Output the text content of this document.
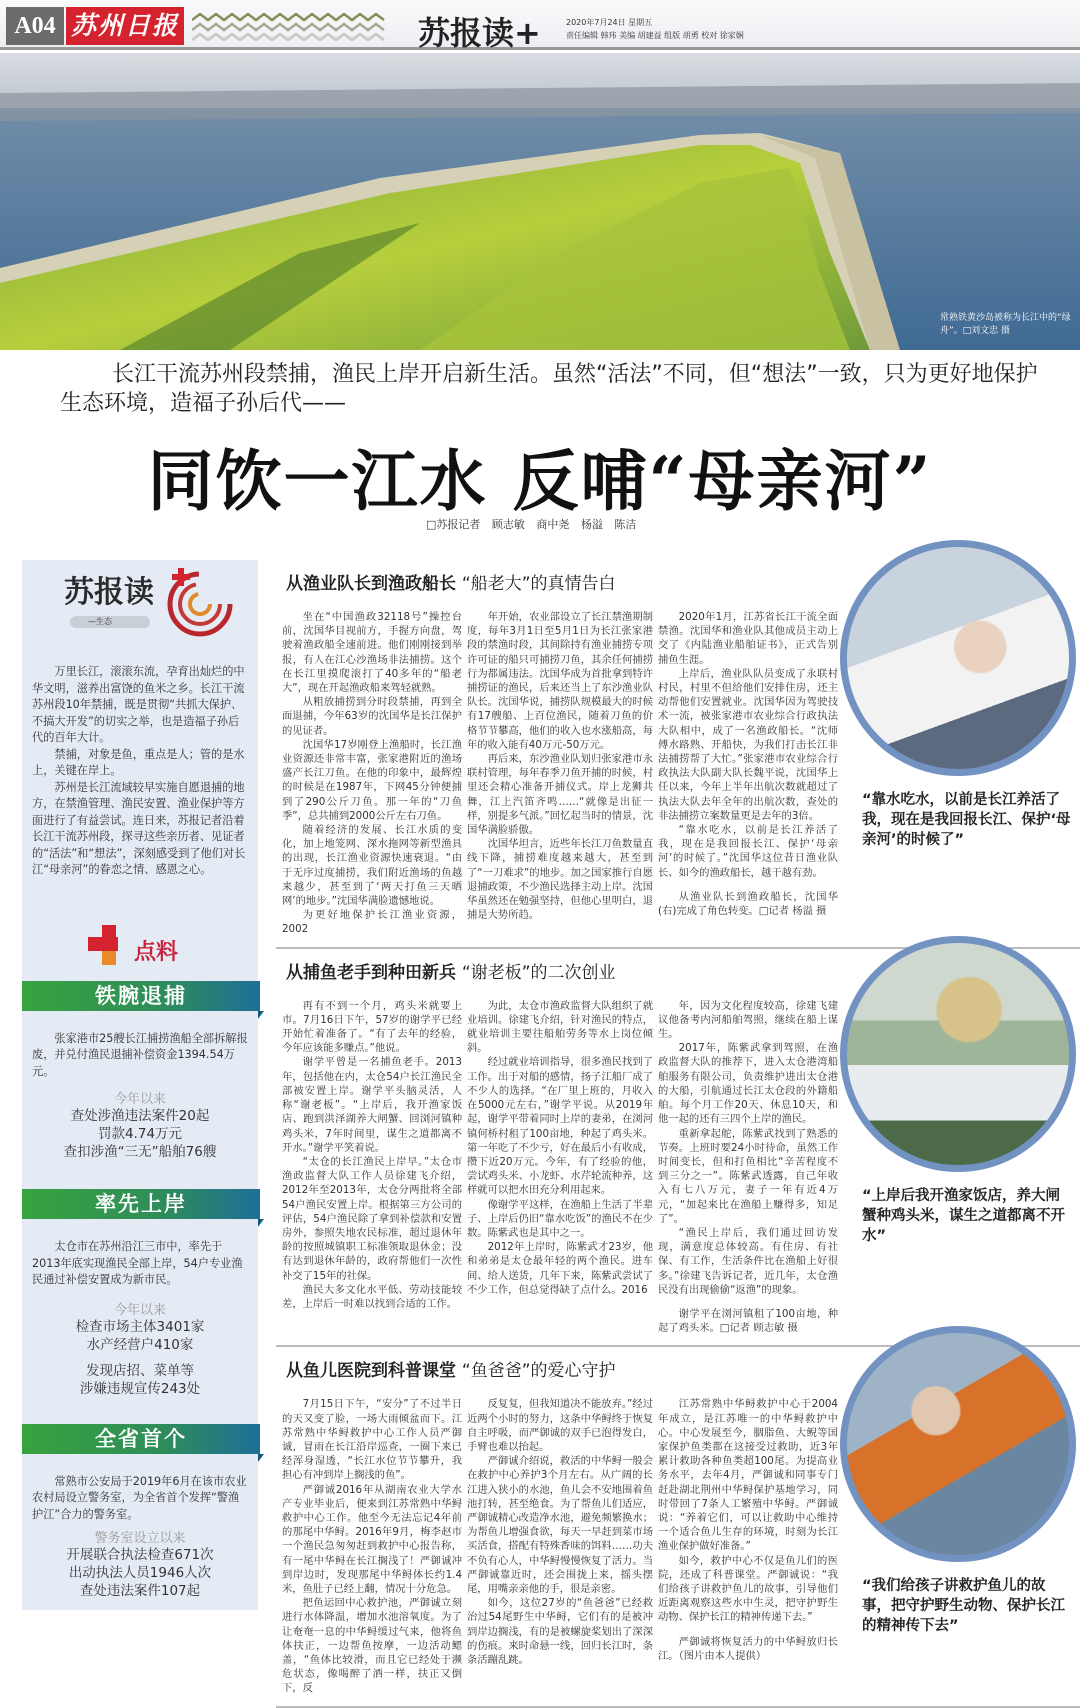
A04 苏州日报	苏报读+	2020年7月24日 星期五
责任编辑 韩玮 美编 胡建益 组版 胡勇 校对 徐家娴
常熟铁黄沙岛被称为长江中的“绿舟”。□刘文忠 摄
长江干流苏州段禁捕，渔民上岸开启新生活。虽然“活法”不同，但“想法”一致，只为更好地保护生态环境，造福子孙后代——
同饮一江水 反哺“母亲河”
□苏报记者 顾志敏 商中尧 杨溢 陈洁
苏报读
—生态

万里长江，滚滚东流，孕育出灿烂的中华文明，滋养出富饶的鱼米之乡。长江干流苏州段10年禁捕，既是贯彻“共抓大保护、不搞大开发”的切实之举，也是造福子孙后代的百年大计。

禁捕，对象是鱼，重点是人；管的是水上，关键在岸上。

苏州是长江流域较早实施自愿退捕的地方，在禁渔管理、渔民安置、渔业保护等方面进行了有益尝试。连日来，苏报记者沿着长江干流苏州段，探寻这些亲历者、见证者的“活法”和“想法”，深刻感受到了他们对长江“母亲河”的眷恋之情、感恩之心。

点料
铁腕退捕

张家港市25艘长江捕捞渔船全部拆解报废，并兑付渔民退捕补偿资金1394.54万元。

今年以来
查处涉渔违法案件20起
罚款4.74万元
查扣涉渔“三无”船舶76艘
率先上岸

太仓市在苏州沿江三市中，率先于2013年底实现渔民全部上岸，54户专业渔民通过补偿安置成为新市民。

今年以来
检查市场主体3401家
水产经营户410家
发现店招、菜单等
涉嫌违规宣传243处
全省首个

常熟市公安局于2019年6月在该市农业农村局设立警务室，为全省首个发挥“警渔护江”合力的警务室。

警务室设立以来
开展联合执法检查671次
出动执法人员1946人次
查处违法案件107起
从渔业队长到渔政船长 “船老大”的真情告白

坐在“中国渔政32118号”操控台前，沈国华目视前方，手握方向盘，驾驶着渔政船全速前进。他们刚刚接到举报，有人在江心沙渔场非法捕捞。这个在长江里摸爬滚打了40多年的“船老大”，现在开起渔政船来驾轻就熟。

从粗放捕捞到分时段禁捕，再到全面退捕，今年63岁的沈国华是长江保护的见证者。

沈国华17岁刚登上渔船时，长江渔业资源还非常丰富，张家港附近的渔场盛产长江刀鱼。在他的印象中，最辉煌的时候是在1987年，下网45分钟便捕到了290公斤刀鱼。那一年的“刀鱼季”，总共捕到2000公斤左右刀鱼。

随着经济的发展、长江水质的变化，加上地笼网、深水拖网等新型渔具的出现，长江渔业资源快速衰退。“由于无序过度捕捞，我们附近渔场的鱼越来越少，甚至到了‘两天打鱼三天晒网’的地步。”沈国华满脸遗憾地说。

为更好地保护长江渔业资源，2002

年开始，农业部设立了长江禁渔期制度，每年3月1日至5月1日为长江张家港段的禁渔时段，其间除持有渔业捕捞专项许可证的船只可捕捞刀鱼，其余任何捕捞行为都属违法。沈国华成为首批拿到特许捕捞证的渔民，后来还当上了东沙渔业队队长。沈国华说，捕捞队规模最大的时候有17艘船、上百位渔民，随着刀鱼的价格节节攀高，他们的收入也水涨船高，每年的收入能有40万元-50万元。

再后来，东沙渔业队划归张家港市永联村管理，每年春季刀鱼开捕的时候，村里还会精心准备开捕仪式。岸上龙狮共舞，江上汽笛齐鸣……“就像是出征一样，别提多气派。”回忆起当时的情景，沈国华满脸骄傲。

沈国华坦言，近些年长江刀鱼数量直线下降，捕捞难度越来越大，甚至到了“一刀难求”的地步。加之国家推行自愿退捕政策，不少渔民选择主动上岸。沈国华虽然还在勉强坚持，但他心里明白，退捕是大势所趋。

2020年1月，江苏省长江干流全面禁渔。沈国华和渔业队其他成员主动上交了《内陆渔业船舶证书》，正式告别捕鱼生涯。

上岸后，渔业队队员变成了永联村村民，村里不但给他们安排住房，还主动帮他们安置就业。沈国华因为驾驶技术一流，被张家港市农业综合行政执法大队相中，成了一名渔政船长。“沈师傅水路熟、开船快，为我们打击长江非法捕捞帮了大忙。”张家港市农业综合行政执法大队副大队长魏平说，沈国华上任以来，今年上半年出航次数就超过了执法大队去年全年的出航次数，查处的非法捕捞立案数量更是去年的3倍。

“靠水吃水，以前是长江养活了我，现在是我回报长江、保护‘母亲河’的时候了。”沈国华这位昔日渔业队长、如今的渔政船长，越干越有劲。

从渔业队长到渔政船长，沈国华(右)完成了角色转变。□记者 杨溢 摄

“靠水吃水，以前是长江养活了我，现在是我回报长江、保护‘母亲河’的时候了”
从捕鱼老手到种田新兵 “谢老板”的二次创业

再有不到一个月，鸡头米就要上市。7月16日下午，57岁的谢学平已经开始忙着准备了。“有了去年的经验，今年应该能多赚点。”他说。

谢学平曾是一名捕鱼老手。2013年，包括他在内，太仓54户长江渔民全部被安置上岸。谢学平头脑灵活，人称“谢老板”。“上岸后，我开渔家饭店、跑到洪泽湖养大闸蟹、回浏河镇种鸡头米，7年时间里，谋生之道都离不开水。”谢学平笑着说。

“太仓的长江渔民上岸早。”太仓市渔政监督大队工作人员徐建飞介绍，2012年至2013年，太仓分两批将全部54户渔民安置上岸。根据第三方公司的评估，54户渔民除了拿到补偿款和安置房外，参照失地农民标准，超过退休年龄的按照城镇职工标准领取退休金；没有达到退休年龄的，政府帮他们一次性补交了15年的社保。

渔民大多文化水平低、劳动技能较差，上岸后一时难以找到合适的工作。

为此，太仓市渔政监督大队组织了就业培训。徐建飞介绍，针对渔民的特点，就业培训主要往船舶劳务等水上岗位倾斜。

经过就业培训指导，很多渔民找到了工作。出于对船的感情，扬子江船厂成了不少人的选择。“在厂里上班的，月收入在5000元左右，”谢学平说。从2019年起，谢学平带着同时上岸的妻弟，在浏河镇何桥村租了100亩地，种起了鸡头米。第一年吃了不少亏，好在最后小有收成，攒下近20万元。今年，有了经验的他，尝试鸡头米、小龙虾、水芹轮流种养，这样就可以把水田充分利用起来。

像谢学平这样，在渔船上生活了半辈子、上岸后仍旧“靠水吃饭”的渔民不在少数。陈紫武也是其中之一。

2012年上岸时，陈紫武才23岁，他和弟弟是太仓最年轻的两个渔民。进车间、给人送货，几年下来，陈紫武尝试了不少工作，但总觉得缺了点什么。2016

年，因为文化程度较高，徐建飞建议他备考内河船舶驾照，继续在船上谋生。

2017年，陈紫武拿到驾照，在渔政监督大队的推荐下，进入太仓港湾船舶服务有限公司，负责维护进出太仓港的大船，引航通过长江太仓段的外籍船舶。每个月工作20天、休息10天，和他一起的还有三四个上岸的渔民。

重新拿起舵，陈紫武找到了熟悉的节奏。上班时要24小时待命，虽然工作时间变长，但和打鱼相比“辛苦程度不到三分之一”。陈紫武透露，自己年收入有七八万元，妻子一年有近4万元，“加起来比在渔船上赚得多，知足了”。

“渔民上岸后，我们通过回访发现，满意度总体较高。有住房、有社保、有工作，生活条件比在渔船上好很多。”徐建飞告诉记者，近几年，太仓渔民没有出现偷偷“返渔”的现象。

谢学平在浏河镇租了100亩地，种起了鸡头米。□记者 顾志敏 摄

“上岸后我开渔家饭店，养大闸蟹种鸡头米，谋生之道都离不开水”
从鱼儿医院到科普课堂 “鱼爸爸”的爱心守护

7月15日下午，“安分”了不过半日的天又变了脸，一场大雨倾盆而下。江苏常熟中华鲟救护中心工作人员严御诚，冒雨在长江沿岸巡查，一圈下来已经浑身湿透，“长江水位节节攀升，我担心有冲到岸上搁浅的鱼”。

严御诚2016年从湖南农业大学水产专业毕业后，便来到江苏常熟中华鲟救护中心工作。他至今无法忘记4年前的那尾中华鲟。2016年9月，梅李赵市一个渔民急匆匆赶到救护中心报告称，有一尾中华鲟在长江搁浅了！严御诚冲到岸边时，发现那尾中华鲟体长约1.4米，鱼肚子已经上翻，情况十分危急。

把鱼运回中心救护池，严御诚立刻进行水体降温，增加水池溶氧度。为了让奄奄一息的中华鲟缓过气来，他将鱼体扶正，一边帮鱼按摩，一边活动鳃盖，“鱼体比较滑，而且它已经处于濒危状态，像喝醉了酒一样，扶正又倒下，反

反复复，但我知道决不能放弃。”经过近两个小时的努力，这条中华鲟终于恢复自主呼吸，而严御诚的双手已泡得发白，手臂也难以抬起。

严御诚介绍说，救活的中华鲟一般会在救护中心养护3个月左右。从广阔的长江进入狭小的水池，鱼儿会不安地围着鱼池打转，甚至绝食。为了帮鱼儿们适应，严御诚精心改造净水池，避免频繁换水；为帮鱼儿增强食欲，每天一早赶到菜市场买活食，搭配有特殊香味的饵料……功夫不负有心人，中华鲟慢慢恢复了活力。当严御诚靠近时，还会围拢上来，摇头摆尾，用嘴亲亲他的手，很是亲密。

如今，这位27岁的“鱼爸爸”已经救治过54尾野生中华鲟，它们有的是被冲到岸边搁浅，有的是被螺旋桨划出了深深的伤痕。来时命悬一线，回归长江时，条条活蹦乱跳。

江苏常熟中华鲟救护中心于2004年成立，是江苏唯一的中华鲟救护中心。中心发展至今，胭脂鱼、大鲵等国家保护鱼类都在这接受过救助，近3年累计救助各种鱼类超100尾。为提高业务水平，去年4月，严御诚和同事专门赶赴湖北荆州中华鲟保护基地学习，同时带回了7条人工繁殖中华鲟。严御诚说：“养着它们，可以让救助中心维持一个适合鱼儿生存的环境，时刻为长江渔业保护做好准备。”

如今，救护中心不仅是鱼儿们的医院，还成了科普课堂。严御诚说：“我们给孩子讲救护鱼儿的故事，引导他们近距离观察这些水中生灵，把守护野生动物、保护长江的精神传递下去。”

严御诚将恢复活力的中华鲟放归长江。（图片由本人提供）

“我们给孩子讲救护鱼儿的故事，把守护野生动物、保护长江的精神传下去”
